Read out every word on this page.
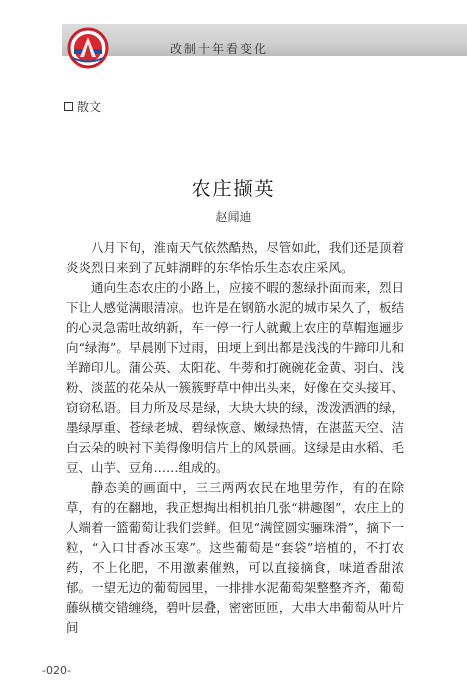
改制十年看变化
散文
农庄撷英
赵闻迪

八月下旬，淮南天气依然酷热，尽管如此，我们还是顶着炎炎烈日来到了瓦蚌湖畔的东华怡乐生态农庄采风。

通向生态农庄的小路上，应接不暇的葱绿扑面而来，烈日下让人感觉满眼清凉。也许是在钢筋水泥的城市呆久了，板结的心灵急需吐故纳新，车一停一行人就戴上农庄的草帽迤逦步向“绿海”。早晨刚下过雨，田埂上到出都是浅浅的牛蹄印儿和羊蹄印儿。蒲公英、太阳花、牛蒡和打碗碗花金黄、羽白、浅粉、淡蓝的花朵从一簇簇野草中伸出头来，好像在交头接耳、窃窃私语。目力所及尽是绿，大块大块的绿，泼泼洒洒的绿，墨绿厚重、苍绿老城、碧绿恢意、嫩绿热情，在湛蓝天空、洁白云朵的映衬下美得像明信片上的风景画。这绿是由水稻、毛豆、山芋、豆角……组成的。

静态美的画面中，三三两两农民在地里劳作，有的在除草，有的在翻地，我正想掏出相机拍几张“耕趣图”，农庄上的人端着一篮葡萄让我们尝鲜。但见“满筐圆实骊珠滑”，摘下一粒，“入口甘香冰玉寒”。这些葡萄是“套袋”培植的，不打农药，不上化肥，不用激素催熟，可以直接摘食，味道香甜浓郁。一望无边的葡萄园里，一排排水泥葡萄架整整齐齐，葡萄藤纵横交错缠绕，碧叶层叠，密密匝匝，大串大串葡萄从叶片间

-020-
